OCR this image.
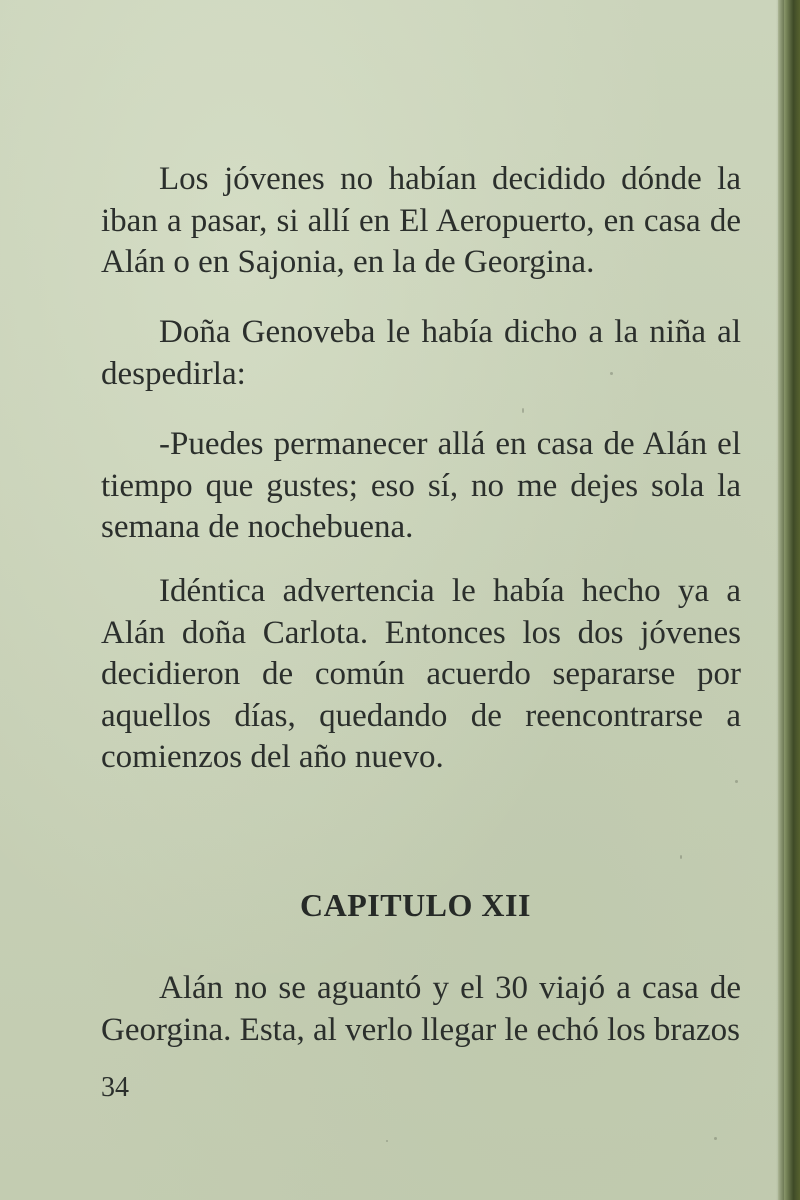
Los jóvenes no habían decidido dónde la iban a pasar, si allí en El Aeropuerto, en casa de Alán o en Sajonia, en la de Georgina.

Doña Genoveba le había dicho a la niña al despedirla:

-Puedes permanecer allá en casa de Alán el tiempo que gustes; eso sí, no me dejes sola la semana de nochebuena.

Idéntica advertencia le había hecho ya a Alán doña Carlota. Entonces los dos jóvenes decidieron de común acuerdo separarse por aquellos días, quedando de reencontrarse a comienzos del año nuevo.

CAPITULO XII

Alán no se aguantó y el 30 viajó a casa de Georgina. Esta, al verlo llegar le echó los brazos

34
